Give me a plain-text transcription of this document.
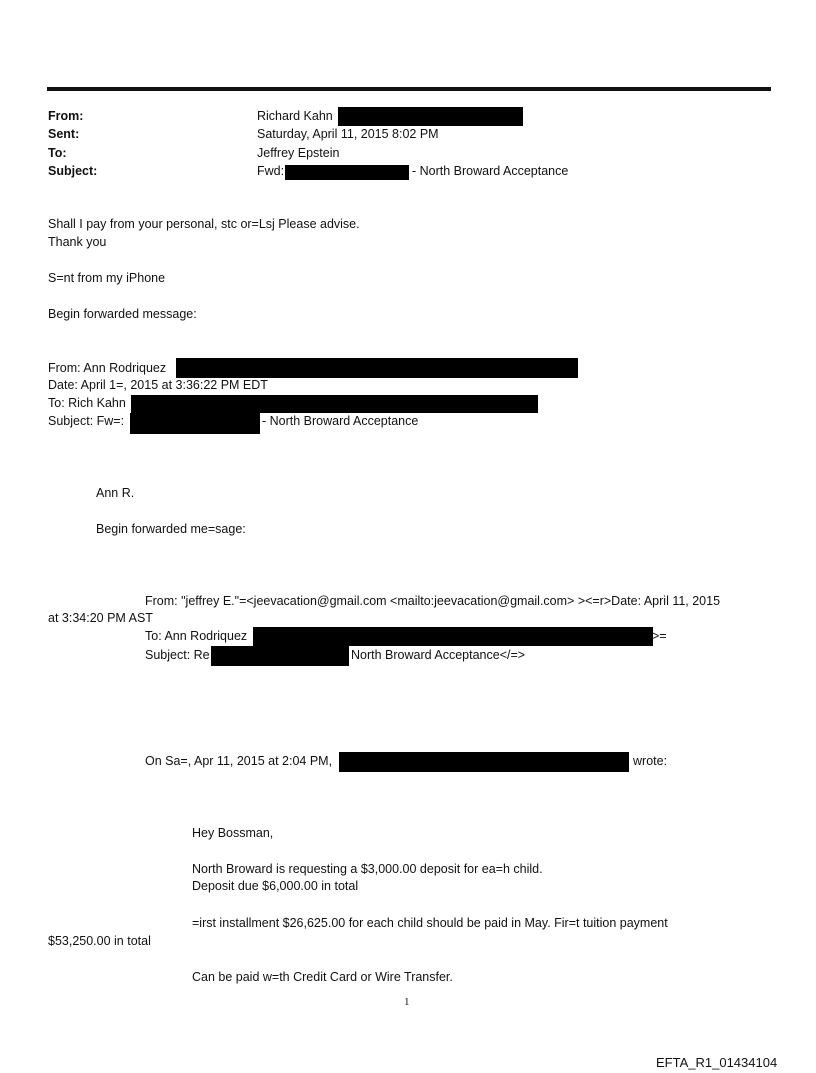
From:	Richard Kahn
Sent:	Saturday, April 11, 2015 8:02 PM
To:	Jeffrey Epstein
Subject:	Fwd:	- North Broward Acceptance
Shall I pay from your personal, stc or=Lsj Please advise.
Thank you
S=nt from my iPhone
Begin forwarded message:
From: Ann Rodriquez
Date: April 1=, 2015 at 3:36:22 PM EDT
To: Rich Kahn
Subject: Fw=:	- North Broward Acceptance
Ann R.
Begin forwarded me=sage:
From: "jeffrey E."=<jeevacation@gmail.com <mailto:jeevacation@gmail.com> ><=r>Date: April 11, 2015
at 3:34:20 PM AST
To: Ann Rodriquez	>=
Subject: Re	North Broward Acceptance</=>
On Sa=, Apr 11, 2015 at 2:04 PM,	wrote:
Hey Bossman,
North Broward is requesting a $3,000.00 deposit for ea=h child.
Deposit due $6,000.00 in total
=irst installment $26,625.00 for each child should be paid in May. Fir=t tuition payment
$53,250.00 in total
Can be paid w=th Credit Card or Wire Transfer.
1
EFTA_R1_01434104
